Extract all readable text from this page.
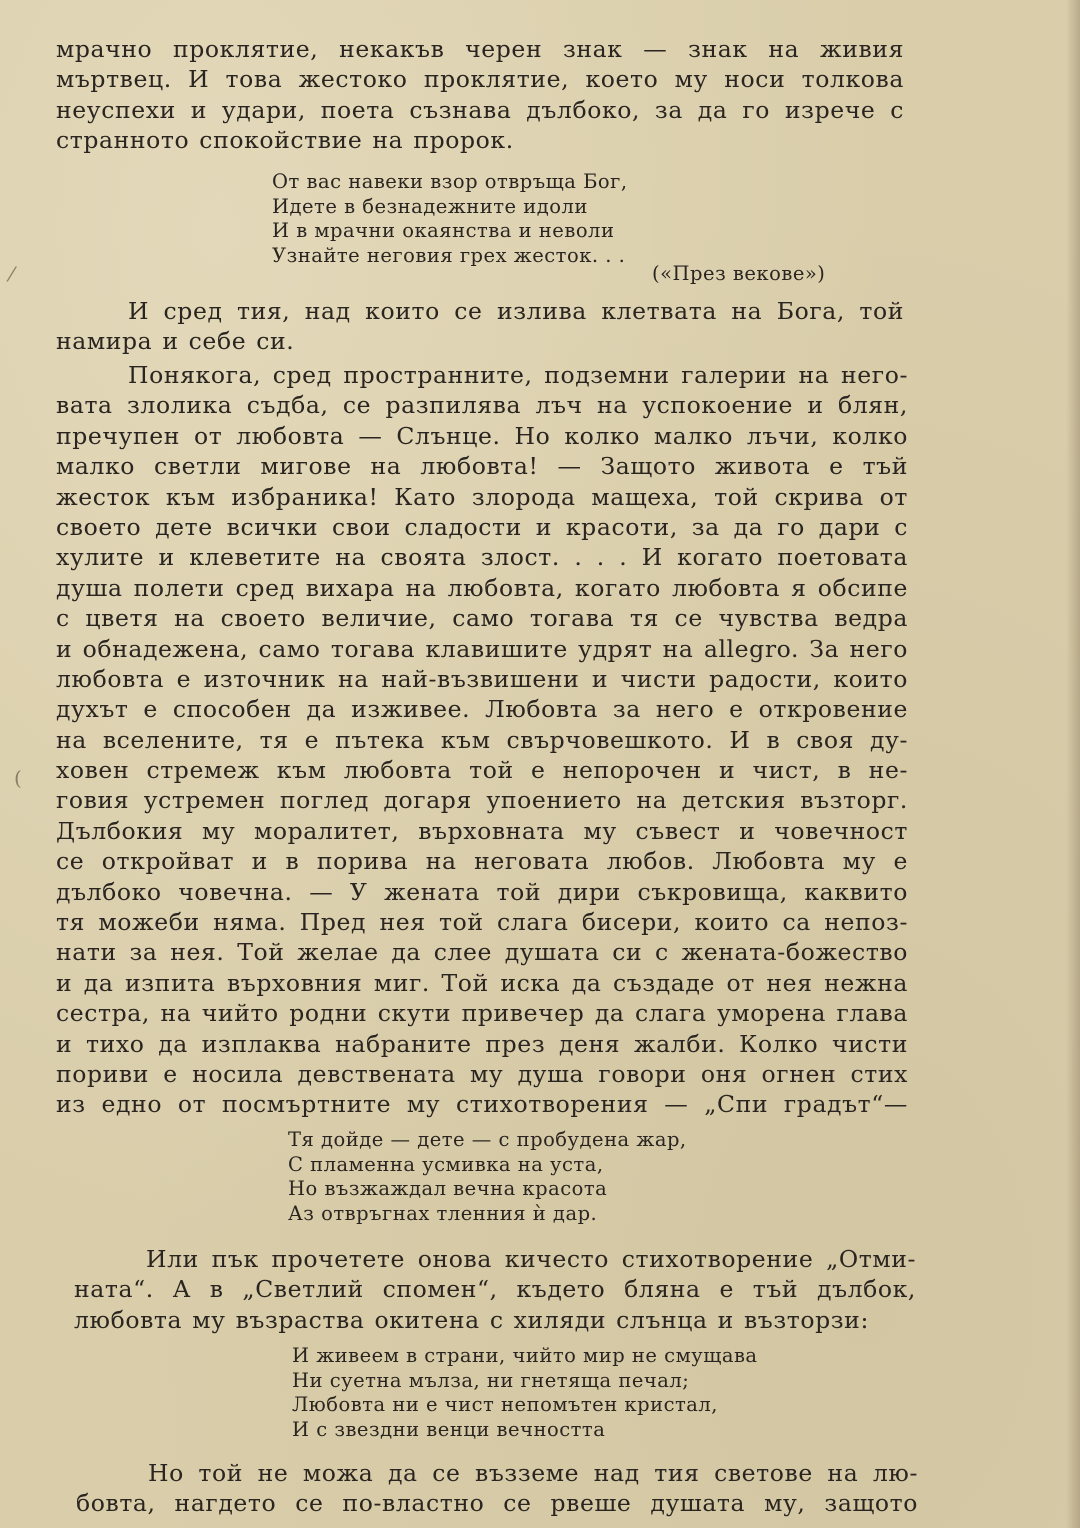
мрачно проклятие, некакъв черен знак — знак на живия
мъртвец. И това жестоко проклятие, което му носи толкова
неуспехи и удари, поета съзнава дълбоко, за да го изрече с
странното спокойствие на пророк.
От вас навеки взор отвръща Бог,
Идете в безнадежните идоли
И в мрачни окаянства и неволи
Узнайте неговия грех жесток. . .
(«През векове»)
И сред тия, над които се излива клетвата на Бога, той
намира и себе си.
Понякога, сред пространните, подземни галерии на него-
вата злолика съдба, се разпилява лъч на успокоение и блян,
пречупен от любовта — Слънце. Но колко малко лъчи, колко
малко светли мигове на любовта! — Защото живота е тъй
жесток към избраника! Като злорода мащеха, той скрива от
своето дете всички свои сладости и красоти, за да го дари с
хулите и клеветите на своята злост. . . . И когато поетовата
душа полети сред вихара на любовта, когато любовта я обсипе
с цветя на своето величие, само тогава тя се чувства ведра
и обнадежена, само тогава клавишите удрят на allegro. За него
любовта е източник на най-възвишени и чисти радости, които
духът е способен да изживее. Любовта за него е откровение
на вселените, тя е пътека към свърчовешкото. И в своя ду-
ховен стремеж към любовта той е непорочен и чист, в не-
говия устремен поглед догаря упоението на детския възторг.
Дълбокия му моралитет, върховната му съвест и човечност
се откройват и в порива на неговата любов. Любовта му е
дълбоко човечна. — У жената той дири съкровища, каквито
тя можеби няма. Пред нея той слага бисери, които са непоз-
нати за нея. Той желае да слее душата си с жената-божество
и да изпита върховния миг. Той иска да създаде от нея нежна
сестра, на чийто родни скути привечер да слага уморена глава
и тихо да изплаква набраните през деня жалби. Колко чисти
пориви е носила девствената му душа говори оня огнен стих
из едно от посмъртните му стихотворения — „Спи градът“—
Тя дойде — дете — с пробудена жар,
С пламенна усмивка на уста,
Но възжаждал вечна красота
Аз отвръгнах тленния ѝ дар.
Или пък прочетете онова кичесто стихотворение „Отми-
ната“. А в „Светлий спомен“, където бляна е тъй дълбок,
любовта му възраства окитена с хиляди слънца и възторзи:
И живеем в страни, чийто мир не смущава
Ни суетна мълза, ни гнетяща печал;
Любовта ни е чист непомътен кристал,
И с звездни венци вечността
Но той не можа да се възземе над тия светове на лю-
бовта, нагдето се по-властно се рвеше душата му, защото
⁄
(
